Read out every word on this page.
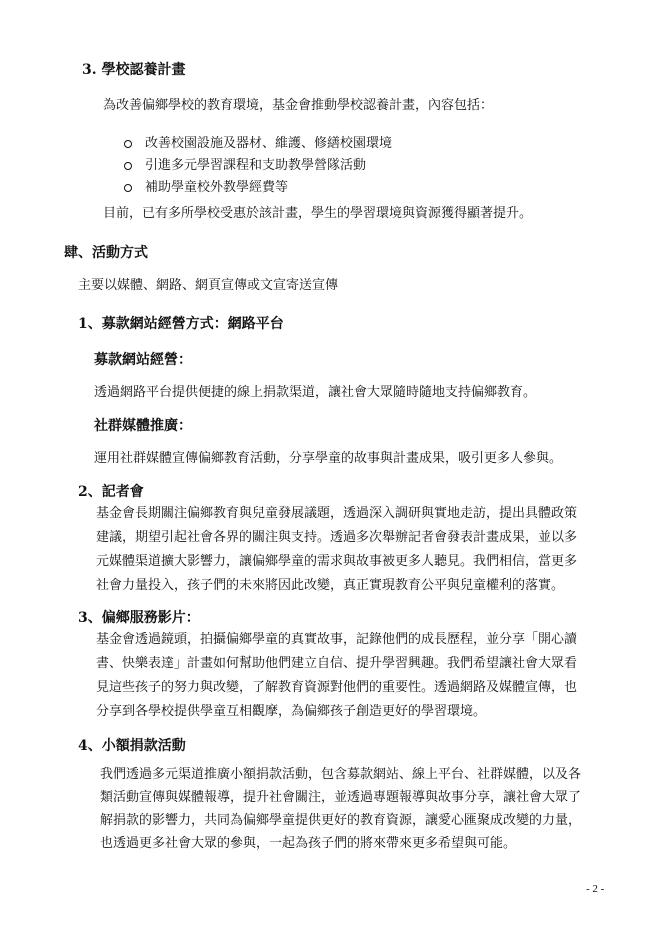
3. 學校認養計畫
為改善偏鄉學校的教育環境，基金會推動學校認養計畫，內容包括：
改善校園設施及器材、維護、修繕校園環境
引進多元學習課程和支助教學營隊活動
補助學童校外教學經費等
目前，已有多所學校受惠於該計畫，學生的學習環境與資源獲得顯著提升。
肆、活動方式
主要以媒體、網路、網頁宣傳或文宣寄送宣傳
1、募款網站經營方式：網路平台
募款網站經營：
透過網路平台提供便捷的線上捐款渠道，讓社會大眾隨時隨地支持偏鄉教育。
社群媒體推廣：
運用社群媒體宣傳偏鄉教育活動，分享學童的故事與計畫成果，吸引更多人參與。
2、記者會
基金會長期關注偏鄉教育與兒童發展議題，透過深入調研與實地走訪，提出具體政策
建議，期望引起社會各界的關注與支持。透過多次舉辦記者會發表計畫成果，並以多
元媒體渠道擴大影響力，讓偏鄉學童的需求與故事被更多人聽見。我們相信，當更多
社會力量投入，孩子們的未來將因此改變，真正實現教育公平與兒童權利的落實。
3、偏鄉服務影片：
基金會透過鏡頭，拍攝偏鄉學童的真實故事，記錄他們的成長歷程，並分享「開心讀
書、快樂表達」計畫如何幫助他們建立自信、提升學習興趣。我們希望讓社會大眾看
見這些孩子的努力與改變，了解教育資源對他們的重要性。透過網路及媒體宣傳，也
分享到各學校提供學童互相觀摩，為偏鄉孩子創造更好的學習環境。
4、小額捐款活動
我們透過多元渠道推廣小額捐款活動，包含募款網站、線上平台、社群媒體，以及各
類活動宣傳與媒體報導，提升社會關注，並透過專題報導與故事分享，讓社會大眾了
解捐款的影響力，共同為偏鄉學童提供更好的教育資源，讓愛心匯聚成改變的力量，
也透過更多社會大眾的參與，一起為孩子們的將來帶來更多希望與可能。
- 2 -
